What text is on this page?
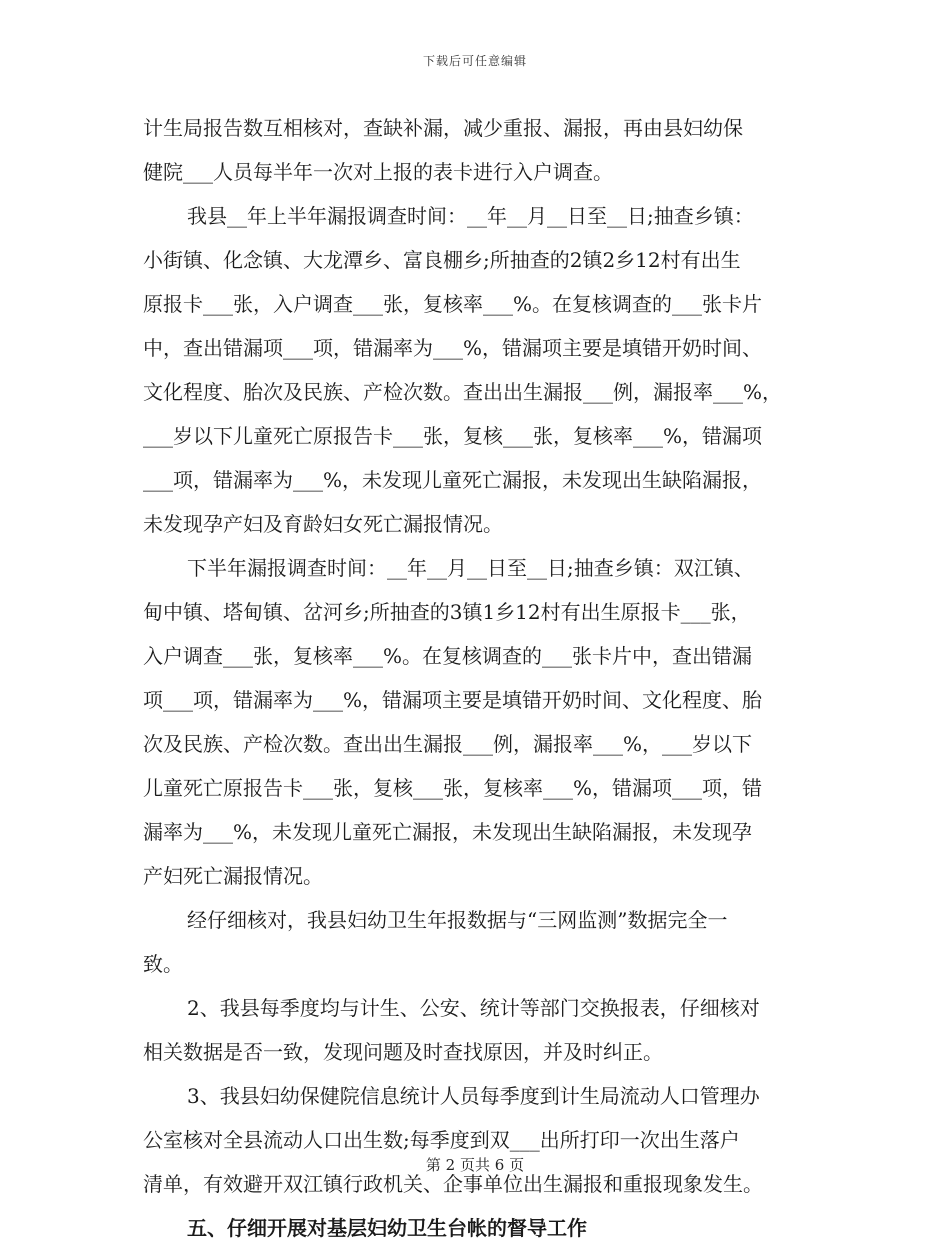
下载后可任意编辑
计生局报告数互相核对，查缺补漏，减少重报、漏报，再由县妇幼保
健院___人员每半年一次对上报的表卡进行入户调查。
我县__年上半年漏报调查时间：__年__月__日至__日;抽查乡镇：
小街镇、化念镇、大龙潭乡、富良棚乡;所抽查的2镇2乡12村有出生
原报卡___张，入户调查___张，复核率___%。在复核调查的___张卡片
中，查出错漏项___项，错漏率为___%，错漏项主要是填错开奶时间、
文化程度、胎次及民族、产检次数。查出出生漏报___例，漏报率___%，
___岁以下儿童死亡原报告卡___张，复核___张，复核率___%，错漏项
___项，错漏率为___%，未发现儿童死亡漏报，未发现出生缺陷漏报，
未发现孕产妇及育龄妇女死亡漏报情况。
下半年漏报调查时间：__年__月__日至__日;抽查乡镇：双江镇、
甸中镇、塔甸镇、岔河乡;所抽查的3镇1乡12村有出生原报卡___张，
入户调查___张，复核率___%。在复核调查的___张卡片中，查出错漏
项___项，错漏率为___%，错漏项主要是填错开奶时间、文化程度、胎
次及民族、产检次数。查出出生漏报___例，漏报率___%，___岁以下
儿童死亡原报告卡___张，复核___张，复核率___%，错漏项___项，错
漏率为___%，未发现儿童死亡漏报，未发现出生缺陷漏报，未发现孕
产妇死亡漏报情况。
经仔细核对，我县妇幼卫生年报数据与“三网监测”数据完全一
致。
2、我县每季度均与计生、公安、统计等部门交换报表，仔细核对
相关数据是否一致，发现问题及时查找原因，并及时纠正。
3、我县妇幼保健院信息统计人员每季度到计生局流动人口管理办
公室核对全县流动人口出生数;每季度到双___出所打印一次出生落户
清单，有效避开双江镇行政机关、企事单位出生漏报和重报现象发生。
五、仔细开展对基层妇幼卫生台帐的督导工作
第 2 页共 6 页
